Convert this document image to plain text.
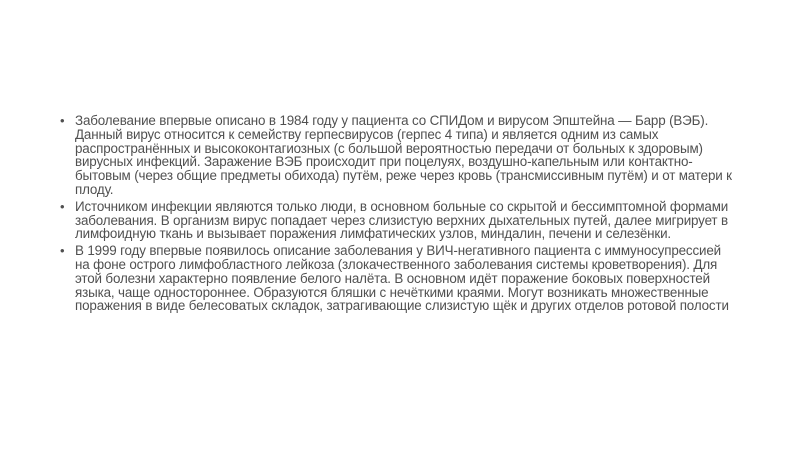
• Заболевание впервые описано в 1984 году у пациента со СПИДом и вирусом Эпштейна — Барр (ВЭБ). Данный вирус относится к семейству герпесвирусов (герпес 4 типа) и является одним из самых распространённых и высококонтагиозных (с большой вероятностью передачи от больных к здоровым) вирусных инфекций. Заражение ВЭБ происходит при поцелуях, воздушно-капельным или контактно-бытовым (через общие предметы обихода) путём, реже через кровь (трансмиссивным путём) и от матери к плоду.
• Источником инфекции являются только люди, в основном больные со скрытой и бессимптомной формами заболевания. В организм вирус попадает через слизистую верхних дыхательных путей, далее мигрирует в лимфоидную ткань и вызывает поражения лимфатических узлов, миндалин, печени и селезёнки.
• В 1999 году впервые появилось описание заболевания у ВИЧ-негативного пациента с иммуносупрессией на фоне острого лимфобластного лейкоза (злокачественного заболевания системы кроветворения). Для этой болезни характерно появление белого налёта. В основном идёт поражение боковых поверхностей языка, чаще одностороннее. Образуются бляшки с нечёткими краями. Могут возникать множественные поражения в виде белесоватых складок, затрагивающие слизистую щёк и других отделов ротовой полости
